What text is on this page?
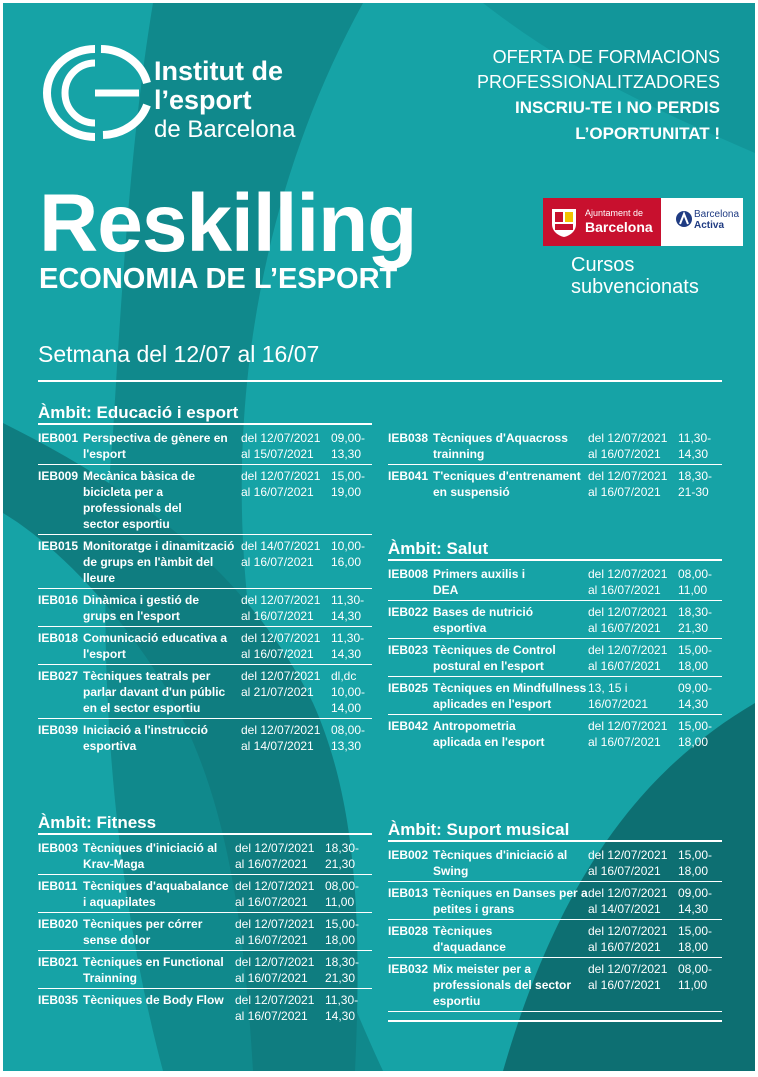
Institut de

l’esport

de Barcelona

OFERTA DE FORMACIONS

PROFESSIONALITZADORES

INSCRIU-TE I NO PERDIS

L’OPORTUNITAT !

Reskilling
ECONOMIA DE L’ESPORT
Ajuntament de
Barcelona
Barcelona
Activa

Cursos

subvencionats

Setmana del 12/07 al 16/07

Àmbit: Educació i esport
IEB001 Perspectiva de gènere en l'esport
del 12/07/2021
al 15/07/2021
09,00-
13,30
IEB009 Mecànica bàsica de bicicleta per a professionals del sector esportiu
del 12/07/2021
al 16/07/2021
15,00-
19,00
IEB015 Monitoratge i dinamització de grups en l'àmbit del lleure
del 14/07/2021
al 16/07/2021
10,00-
16,00
IEB016 Dinàmica i gestió de grups en l'esport
del 12/07/2021
al 16/07/2021
11,30-
14,30
IEB018 Comunicació educativa a l'esport
del 12/07/2021
al 16/07/2021
11,30-
14,30
IEB027 Tècniques teatrals per parlar davant d'un públic en el sector esportiu
del 12/07/2021
al 21/07/2021
dl,dc
10,00-
14,00
IEB039 Iniciació a l'instrucció esportiva
del 12/07/2021
al 14/07/2021
08,00-
13,30
Àmbit: Fitness
IEB003 Tècniques d'iniciació al Krav-Maga
del 12/07/2021
al 16/07/2021
18,30-
21,30
IEB011 Tècniques d'aquabalance i aquapilates
del 12/07/2021
al 16/07/2021
08,00-
11,00
IEB020 Tècniques per córrer sense dolor
del 12/07/2021
al 16/07/2021
15,00-
18,00
IEB021 Tècniques en Functional Trainning
del 12/07/2021
al 16/07/2021
18,30-
21,30
IEB035 Tècniques de Body Flow del 12/07/2021
al 16/07/2021
11,30-
14,30
IEB038 Tècniques d'Aquacross trainning
del 12/07/2021
al 16/07/2021
11,30-
14,30
IEB041 T'ecniques d'entrenament en suspensió
del 12/07/2021
al 16/07/2021
18,30-
21-30
Àmbit: Salut
IEB008 Primers auxilis i DEA
del 12/07/2021
al 16/07/2021
08,00-
11,00
IEB022 Bases de nutrició esportiva
del 12/07/2021
al 16/07/2021
18,30-
21,30
IEB023 Tècniques de Control postural en l'esport
del 12/07/2021
al 16/07/2021
15,00-
18,00
IEB025 Tècniques en Mindfullness aplicades en l'esport
13, 15 i
16/07/2021
09,00-
14,30
IEB042 Antropometria aplicada en l'esport
del 12/07/2021
al 16/07/2021
15,00-
18,00
Àmbit: Suport musical
IEB002 Tècniques d'iniciació al Swing
del 12/07/2021
al 16/07/2021
15,00-
18,00
IEB013 Tècniques en Danses per a petites i grans
del 12/07/2021
al 14/07/2021
09,00-
14,30
IEB028 Tècniques d'aquadance
del 12/07/2021
al 16/07/2021
15,00-
18,00
IEB032 Mix meister per a professionals del sector esportiu
del 12/07/2021
al 16/07/2021
08,00-
11,00
